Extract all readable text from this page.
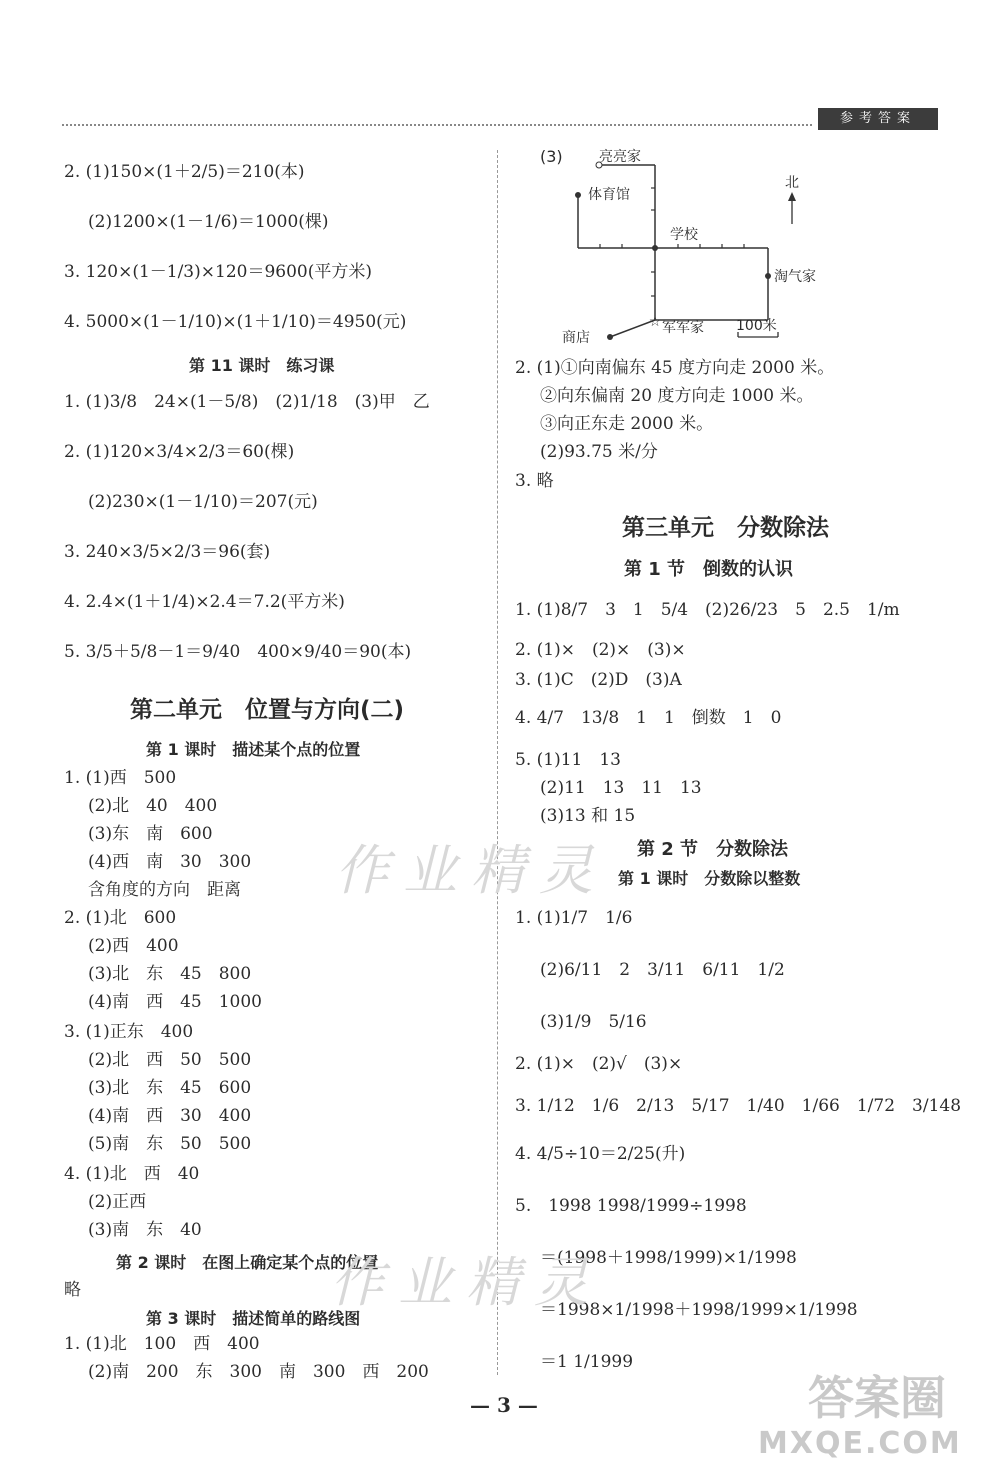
参考答案
2. (1)150×(1＋2/5)＝210(本)
(2)1200×(1－1/6)＝1000(棵)
3. 120×(1－1/3)×120＝9600(平方米)
4. 5000×(1－1/10)×(1＋1/10)＝4950(元)
第 11 课时　练习课
1. (1)3/8　24×(1－5/8)　(2)1/18　(3)甲　乙
2. (1)120×3/4×2/3＝60(棵)
(2)230×(1－1/10)＝207(元)
3. 240×3/5×2/3＝96(套)
4. 2.4×(1＋1/4)×2.4＝7.2(平方米)
5. 3/5＋5/8－1＝9/40　400×9/40＝90(本)
第二单元　位置与方向(二)
第 1 课时　描述某个点的位置
1. (1)西　500
(2)北　40　400
(3)东　南　600
(4)西　南　30　300
含角度的方向　距离
2. (1)北　600
(2)西　400
(3)北　东　45　800
(4)南　西　45　1000
3. (1)正东　400
(2)北　西　50　500
(3)北　东　45　600
(4)南　西　30　400
(5)南　东　50　500
4. (1)北　西　40
(2)正西
(3)南　东　40
第 2 课时　在图上确定某个点的位置
略
第 3 课时　描述简单的路线图
1. (1)北　100　西　400
(2)南　200　东　300　南　300　西　200
(3)
☆
亮亮家
体育馆
学校
淘气家
军军家
商店
北
100米
2. (1)①向南偏东 45 度方向走 2000 米。
②向东偏南 20 度方向走 1000 米。
③向正东走 2000 米。
(2)93.75 米/分
3. 略
第三单元　分数除法
第 1 节　倒数的认识
1. (1)8/7　3　1　5/4　(2)26/23　5　2.5　1/m
2. (1)×　(2)×　(3)×
3. (1)C　(2)D　(3)A
4. 4/7　13/8　1　1　倒数　1　0
5. (1)11　13
(2)11　13　11　13
(3)13 和 15
第 2 节　分数除法
第 1 课时　分数除以整数
1. (1)1/7　1/6
(2)6/11　2　3/11　6/11　1/2
(3)1/9　5/16
2. (1)×　(2)√　(3)×
3. 1/12　1/6　2/13　5/17　1/40　1/66　1/72　3/148
4. 4/5÷10＝2/25(升)
5.　1998 1998/1999÷1998
＝(1998＋1998/1999)×1/1998
＝1998×1/1998＋1998/1999×1/1998
＝1 1/1999
— 3 —
作业精灵
作业精灵
答案圈
MXQE.COM
